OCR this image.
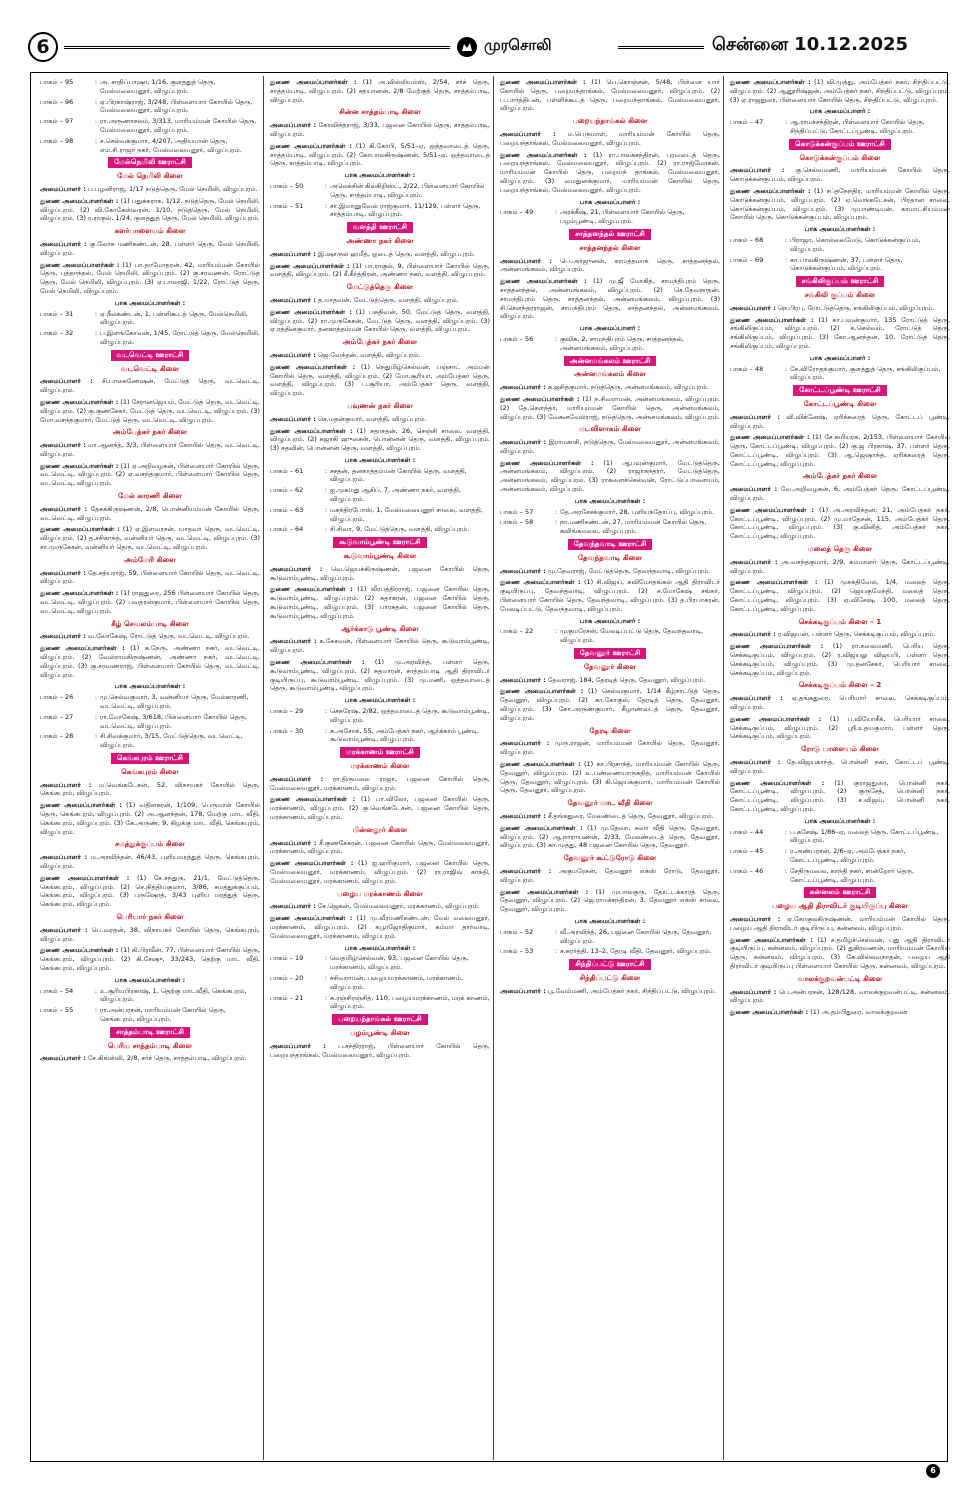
6	முரசொலி	சென்னை 10.12.2025
பாகம் – 95	: அ. சாதிப்பாஷா, 1/16, குளத்துத் தெரு, மேல்மலையனூர், விழுப்புரம்.
பாகம் – 96	: ஏ.பிரகாஷ்ராஜ், 3/248, பிள்ளையார் கோயில் தெரு, மேல்மலையனூர், விழுப்புரம்.
பாகம் – 97	: ரா.அருணாசலம், 3/313, மாரியம்மன் கோயில் தெரு, மேல்மலையனூர், விழுப்புரம்.
பாகம் – 98	: ச.செல்வக்குமார், 4/207, அதியமான் தெரு, எம்.சி.ராஜா நகர், மேல்மலையனூர், விழுப்புரம்.
மேல்நெமிலி ஊராட்சி
மேல் நெமிலி கிளை
அமைப்பாளர் : ப.பழனிராஜ், 1/17 நடுத்தெரு, மேல் நெமிலி, விழுப்புரம்.
துணை அமைப்பாளர்கள் : (1) பதுக்கராசு, 1/12, நடுத்தெரு, மேல் நெமிலி, விழுப்புரம். (2) வி.கோகேஸ்வரன், 1/10, நடுத்தெரு, மேல் நெமிலி, விழுப்புரம். (3) ர.ராகுல், 1/24, குளத்துத் தெரு, மேல் நெமிலி, விழுப்புரம்.
களர்பாளையம் கிளை
அமைப்பாளர் : கு.லோக மணிகண்டன், 28, பள்ளர் தெரு, மேல் நெமிலி, விழுப்புரம்.
துணை அமைப்பாளர்கள் : (1) பா.தாமோதரன், 42, மாரியம்மன் கோயில் தெரு, புத்தாந்தல், மேல் நெமிலி, விழுப்புரம். (2) கு.சரவணன், ரோட்டுத் தெரு, மேல் நெமிலி, விழுப்புரம். (3) ஏ.பாலாஜி, 1/22, ரோட்டுத் தெரு, மேல் நெமிலி, விழுப்புரம்.
பாக அமைப்பாளர்கள் :
பாகம் – 31	: ஏ.நீலகண்டன், 1, பள்ளிகூடத் தெரு, மேல்நெமிலி, விழுப்புரம்.
பாகம் – 32	: ப.இளங்கோவன், 1/45, ரோட்டுத் தெரு, மேல்நெமிலி, விழுப்புரம்.
வடவெட்டி ஊராட்சி
வடவெட்டி கிளை
அமைப்பாளர் : சி.பாலகணேஷன், மேட்டுத் தெரு, வடவெட்டி, விழுப்புரம்.
துணை அமைப்பாளர்கள் : (1) சேரானஜெயம், மேட்டுத் தெரு, வடவெட்டி, விழுப்புரம். (2) கு.குணசேகர், மேட்டுத் தெரு, வடவெட்டி, விழுப்புரம். (3) மோ.வசந்தகுமார், மேட்டுத் தெரு, வடவெட்டி, விழுப்புரம்.
அம்பேத்கர் நகர் கிளை
அமைப்பாளர் : மா.ஆனந்த், 3/3, பிள்ளையார் கோயில் தெரு, வடவெட்டி, விழுப்புரம்.
துணை அமைப்பாளர்கள் : (1) ஏ.அறிவழகன், பிள்ளையார் கோயில் தெரு, வடவெட்டி, விழுப்புரம். (2) ஏ.வசந்தகுமார், பிள்ளையார் கோயில் தெரு, வடவெட்டி, விழுப்புரம்.
மேல் காரணி கிளை
அமைப்பாளர் : தேசக்கிருஷ்ணன், 2/8, பொன்னியம்மன் கோயில் தெரு, வடவெட்டி, விழுப்புரம்.
துணை அமைப்பாளர்கள் : (1) ஏ.இளவரசன், யாதவர் தெரு, வடவெட்டி, விழுப்புரம். (2) த.சசிகாந்த், வன்னியர் தெரு, வடவெட்டி, விழுப்புரம். (3) சா.முருகேசன், வன்னியர் தெரு, வடவெட்டி, விழுப்புரம்.
அம்மேரி கிளை
அமைப்பாளர் : தே.சத்யராஜ், 59, பிள்ளையார் கோயில் தெரு, வடவெட்டி, விழுப்புரம்.
துணை அமைப்பாளர்கள் : (1) ராஜதுரை, 256 பிள்ளையார் கோயில் தெரு, வடவெட்டி, விழுப்புரம். (2) பவதரன்குமார், பிள்ளையார் கோயில் தெரு, வடவெட்டி, விழுப்புரம்.
கீழ் செவலம்பாடி கிளை
அமைப்பாளர் : வ.லோகேஷ், ரோட்டுத் தெரு, வடவெட்டி, விழுப்புரம்.
துணை அமைப்பாளர்கள் : (1) க.நேரு, அண்ணா நகர், வடவெட்டி, விழுப்புரம். (2) வேல்ராமகிருஷ்ணன், அண்ணா நகர், வடவெட்டி, விழுப்புரம். (3) கு.சரவணராஜ், பிள்ளையார் கோயில் தெரு, வடவெட்டி, விழுப்புரம்.
பாக அமைப்பாளர்கள் :
பாகம் – 26	: மு.செல்வகுமார், 3, வன்னியர் தெரு, மேல்காரணி, வடவெட்டி, விழுப்புரம்.
பாகம் – 27	: ரா.மோகேஷ், 3/618, பிள்ளையார் கோயில் தெரு, வடவெட்டி, விழுப்புரம்.
பாகம் – 28	: சி.சிவக்குமார், 3/15, மேட்டுத்தெரு, வடவெட்டி, விழுப்புரம்.
கெங்கபுரம் ஊராட்சி
கெங்கபுரம் கிளை
அமைப்பாளர் : ம.வெங்கடேசன், 52, விநாயகர் கோயில் தெரு, கெங்கபுரம், விழுப்புரம்.
துணை அமைப்பாளர்கள் : (1) வதிளகரன், 1/109, பெருமாள் கோயில் தெரு, கெங்கபுரம், விழுப்புரம். (2) அ.ஆனந்தன், 178, மேற்கு மாட வீதி, கெங்கபுரம், விழுப்புரம். (3) கே.அருண், 9, கிழக்கு மாட வீதி, கெங்கபுரம், விழுப்புரம்.
சமத்துக்குப்பம் கிளை
அமைப்பாளர் : ம.அரவிந்தன், 46/43, புளியமரத்துத் தெரு, கெங்கபுரம், விழுப்புரம்.
துணை அமைப்பாளர்கள் : (1) சே.சந்துரு, 21/1, மேட்டுத்தெரு, கெங்கபுரம், விழுப்புரம். (2) செ.நித்தியகுமார், 3/86, சமத்துக்குப்பம், கெங்கபுரம், விழுப்புரம். (3) புருஷோத், 3/43 புளிய மரத்துத் தெரு, கெங்கபுரம், விழுப்புரம்.
பெரியார் நகர் கிளை
அமைப்பாளர் : பெ.வரதன், 38, விநாயகர் கோயில் தெரு, கெங்கபுரம், விழுப்புரம்.
துணை அமைப்பாளர்கள் : (1) கி.பிரவீன், 77, பிள்ளையார் கோயில் தெரு, கெங்கபுரம், விழுப்புரம். (2) கி.சேஷு, 33/243, தெற்கு மாட வீதி, கெங்கபுரம், விழுப்புரம்.
பாக அமைப்பாளர்கள் :
பாகம் – 54	: உ.சூரியபிரகாஷ், 1, தெற்கு மாடவீதி, கெங்கபுரம், விழுப்புரம்.
பாகம் – 55	: ரா.அன்பரசன், மாரியம்மன் கோயில் தெரு, கெங்கபுரம், விழுப்புரம்.
சாத்தம்பாடி ஊராட்சி
பெரிய சாத்தம்பாடி கிளை
அமைப்பாளர் : சே.கிங்ஸ்லி, 2/8, சர்ச் தெரு, சாத்தம்பாடி, விழுப்புரம்.
துணை அமைப்பாளர்கள் : (1) அ.வில்லியம்ஸ், 2/54, சர்ச் தெரு, சாத்தம்பாடி, விழுப்புரம். (2) சதயானன், 2/8 மேற்குத் தெரு, சாத்தம்பாடி, விழுப்புரம்.
சின்ன சாத்தம்பாடி கிளை
அமைப்பாளர் : கோவிந்தராஜ், 3/33, பஜனை கோயில் தெரு, சாத்தம்பாடி, விழுப்புரம்.
துணை அமைப்பாளர்கள் : (1) கி.கோபி, 5/51–ஏ, ஒத்தவாடைத் தெரு, சாத்தம்பாடி, விழுப்புரம். (2) கோபாலகிருஷ்ணன், 5/51–ஏ, ஒத்தவாடைத் தெரு, சாத்தம்பாடி, விழுப்புரம்.
பாக அமைப்பாளர்கள் :
பாகம் – 50	: அலெக்சின் கில்கிறிஸ்ட், 2/22, பிள்ளையார் கோயில் தெரு, சாத்தம்பாடி, விழுப்புரம்.
பாகம் – 51	: சா.இமானுவேல் ராஜ்குமார், 11/129, பள்ளர் தெரு, சாத்தம்பாடி, விழுப்புரம்.
வளத்தி ஊராட்சி
அண்ணா நகர் கிளை
அமைப்பாளர் : இ.ஷாருல் ஹமீத், ஓடைத் தெரு, வளத்தி, விழுப்புரம்.
துணை அமைப்பாளர்கள் : (1) பா.ராகுல், 9, பிள்ளையார் கோயில் தெரு, வளத்தி, விழுப்புரம். (2) சீ.கீர்த்திரன், அண்ணா நகர், வளத்தி, விழுப்புரம்.
மேட்டுத்தெரு கிளை
அமைப்பாளர் : த.மாதவன், மேட்டுத்தெரு, வளத்தி, விழுப்புரம்.
துணை அமைப்பாளர்கள் : (1) பசுதிவன், 50, மேட்டுத் தெரு, வளத்தி, விழுப்புரம். (2) ரா.முருகேசன், மேட்டுத் தெரு, வளத்தி, விழுப்புரம். (3) ஏ.ரத்தினகுமார், தனகாத்தம்மன் கோயில் தெரு, வளத்தி, விழுப்புரம்.
அம்பேத்கர் நகர் கிளை
அமைப்பாளர் : ஜெ.வேந்தன், வளத்தி, விழுப்புரம்.
துணை அமைப்பாளர்கள் : (1) நெதுமிழ்செல்வன், பஞ்சாட் அம்மன் கோயில் தெரு, வளத்தி, விழுப்புரம். (2) மோ.சூரியா, அம்பேத்கர் தெரு, வளத்தி, விழுப்புரம். (3) ப.சூரியா, அம்பேத்கர் தெரு, வளத்தி, விழுப்புரம்.
பவுணன் நகர் கிளை
அமைப்பாளர் : செ.மதன்குமார், வளத்தி, விழுப்புரம்.
துணை அமைப்பாளர்கள் : (1) சதாசதன், 26, செஞ்சி சாலை, வளத்தி, விழுப்புரம். (2) சுஜாகி ஹுசைன், பொன்னன் தெரு, வளத்தி, விழுப்புரம். (3) சதவின், பொன்னன் தெரு, வளத்தி, விழுப்புரம்.
பாக அமைப்பாளர்கள் :
பாகம் – 61	: சசதன், தனகாத்தம்மன் கோயில் தெரு, வளத்தி, விழுப்புரம்.
பாகம் – 62	: ஐ.முகமது ஆசிப், 7, அண்ணா நகர், வளத்தி, விழுப்புரம்.
பாகம் – 63	: மகந்திரபோஸ், 1, மேல்மலையனூர் சாலை, வளத்தி, விழுப்புரம்.
பாகம் – 64	: சி.சிவா, 9, மேட்டுத்தெரு, வளத்தி, விழுப்புரம்.
கூடுவாம்பூண்டி ஊராட்சி
கூடுவாம்பூண்டி கிளை
அமைப்பாளர் : வெ.ஜெயக்கிருஷ்ணன், பஜனை கோயில் தெரு, கூடுவாம்பூண்டி, விழுப்புரம்.
துணை அமைப்பாளர்கள் : (1) வீரபத்திரராஜ், பஜனை கோயில் தெரு, கூடுவாம்பூண்டி, விழுப்புரம். (2) சுதாகரன், பஜனை கோயில் தெரு, கூடுவாம்பூண்டி, விழுப்புரம். (3) பாரசுதன், பஜனை கோயில் தெரு, கூடுவாம்பூண்டி, விழுப்புரம்.
ஆர்க்காடு பூண்டி கிளை
அமைப்பாளர் : க.கேசவன், பிள்ளையார் கோயில் தெரு, கூடுவாம்பூண்டி, விழுப்புரம்.
துணை அமைப்பாளர்கள் : (1) மு.அரவிந்த், பள்ளர் தெரு, கூடுவாம்பூண்டி, விழுப்புரம். (2) சுதமாரன், சாத்தம்பாடி ஆதி திராவிடர் குடியிருப்பு, கூடுவாம்பூண்டி, விழுப்புரம். (3) மு.மணி, ஒத்தவாடைத் தெரு, கூடுவாம்பூண்டி, விழுப்புரம்.
பாக அமைப்பாளர்கள் :
பாகம் – 29	: செசுரேஷ், 2/82, ஒத்தவாடைத் தெரு, கூடுவாம்பூண்டி, விழுப்புரம்.
பாகம் – 30	: சு.அசோக், 55, அம்பேத்கர் நகர், ஆர்க்காம் பூண்டி, கூடுவாம்பூண்டி, விழுப்புரம்.
மரக்காணம் ஊராட்சி
மரக்காணம் கிளை
அமைப்பாளர் : ரா.திருமலை ராஜா, பஜனை கோயில் தெரு, மேல்மலையனூர், மரக்காணம், விழுப்புரம்.
துணை அமைப்பாளர்கள் : (1) பா.விலோ, பஜனை கோயில் தெரு, மரக்காணம், விழுப்புரம். (2) கு.வெங்கடேசன், பஜனை கோயில் தெரு, மரக்காணம், விழுப்புரம்.
பின்னலூர் கிளை
அமைப்பாளர் : சீ.குணசேகரன், பஜனை கோயில் தெரு, மேல்மலையனூர், மரக்காணம், விழுப்புரம்.
துணை அமைப்பாளர்கள் : (1) ஐ.ஹரிகுமார், பஜனை கோயில் தெரு, மேல்மலையனூர், மரக்காணம், விழுப்புரம். (2) ரா.ராஜிவ் காந்தி, மேல்மலையனூர், மரக்காணம், விழுப்புரம்.
பழைய மரக்காணம் கிளை
அமைப்பாளர் : சே.ஜெகன், மேல்மலையனூர், மரக்காணம், விழுப்புரம்.
துணை அமைப்பாளர்கள் : (1) மு.வீரமணிகண்டன், மேல் மலையனூர், மரக்காணம், விழுப்புரம். (2) கபூரஜோதிகுமார், கம்மா தார்வாடி, மேல்மலையனூர், மரக்காணம், விழுப்புரம்.
பாக அமைப்பாளர்கள் :
பாகம் – 19	: வெதமிழ்செல்வன், 93, பஜனை கோயில் தெரு, மரக்காணம், விழுப்புரம்.
பாகம் – 20	: சசிவராமன், பழையமரக்காணம், மரக்காணம், விழுப்புரம்.
பாகம் – 21	: சு.ரஞ்சிரஞ்சித், 110, பழையமரக்காணம், மரக் காணம், விழுப்புரம்.
பறையந்தாங்கல் ஊராட்சி
பழம்பூண்டி கிளை
அமைப்பாளர் : ப.சந்திரராஜ், பிள்ளையார் கோயில் தெரு, பறையந்தாங்கல், மேல்மலையனூர், விழுப்புரம்.
துணை அமைப்பாளர்கள் : (1) பெ.கொஞ்சன், 5/48, பிள்ளை யார் கோயில் தெரு, பறையந்தாங்கல், மேல்மலையனூர், விழுப்புரம். (2) ப.பார்த்திபன், பள்ளிக்கூடத் தெரு, பறையந்தாங்கல், மேல்மலையனூர், விழுப்புரம்.
பறையந்தாங்கல் கிளை
அமைப்பாளர் : ம.பெருமாள், மாரியம்மன் கோயில் தெரு, பறையந்தாங்கல், மேல்மலையனூர், விழுப்புரம்.
துணை அமைப்பாளர்கள் : (1) ரா.பாலசுசந்திரன், புரவடைத் தெரு, பறையந்தாங்கல், மேல்மலையனூர், விழுப்புரம். (2) ரா.ராஜ்மோகன், மாரியம்மன் கோயில் தெரு, பறையந் தாங்கல், மேல்மலையனூர், விழுப்புரம். (3) மைதுனக்குமார், மாரியம்மன் கோயில் தெரு, பறையந்தாங்கல், மேல்மலையனூர், விழுப்புரம்.
பாக அமைப்பாளர் :
பாகம் – 49	: அரக்கீஷ், 21, பிள்ளையார் கோயில் தெரு, பழம்பூண்டி, விழுப்புரம்.
சாத்தனந்தல் ஊராட்சி
சாத்தனந்தல் கிளை
அமைப்பாளர் : பெ.அர்ஜுனன், காமத்தமாக தெரு, சாத்தனந்தல், அன்னமங்கலம், விழுப்புரம்.
துணை அமைப்பாளர்கள் : (1) மு.ஜீ மோகித், சாமந்திபுரம் தெரு, சாத்தனந்தல், அன்னமங்கலம், விழுப்புரம். (2) செ.தேவநாதன், சாமந்திபுரம் தெரு, சாத்தனந்தல், அன்னமங்கலம், விழுப்புரம். (3) சி.செளந்தரராஜன், சாமந்திபுரம் தெரு, சாத்தனந்தல், அன்னமங்கலம், விழுப்புரம்.
பாக அமைப்பாளர் :
பாகம் – 56	: குவிக, 2, சாமந்திபுரம் தெரு, சாத்தனந்தல், அன்னமங்கலம், விழுப்புரம்.
அன்னமங்கலம் ஊராட்சி
அன்னமங்கலம் கிளை
அமைப்பாளர் : சு.ஜசித்குமார், நடுத்தெரு, அன்னமங்கலம், விழுப்புரம்.
துணை அமைப்பாளர்கள் : (1) ந.சிவராமன், அன்னமங்கலம், விழுப்புரம். (2) தே.சௌந்தர், மாரியம்மன் கோயில் தெரு, அன்னமங்கலம், விழுப்புரம். (3) வேகனவேல்ராஜ், நடுத்தெரு, அன்னமங்கலம், விழுப்புரம்.
மடவிளாகம் கிளை
அமைப்பாளர் : இராமகாசி, நடுத்தெரு, மேல்மலையனூர், அன்னமங்கலம், விழுப்புரம்.
துணை அமைப்பாளர்கள் : (1) ஆபவுன்குமார், மேட்டுத்தெரு, அன்னமங்கலம், விழுப்புரம். (2) ராஜாசுந்தரர், மேட்டுத்தெரு, அன்னமங்கலம், விழுப்புரம். (3) ராகளைச்செல்வன், ரோட்டுப்பாளையம், அன்னமங்கலம், விழுப்புரம்.
பாக அமைப்பாளர்கள் :
பாகம் – 57	: தே.அரசேசக்குமார், 28, புளியந்தோப்பு, விழுப்புரம்.
பாகம் – 58	: நா.மணிகண்டன், 27, மாரியம்மன் கோயில் தெரு, கவிங்கமலை, விழுப்புரம்.
தேவந்தவாடி ஊராட்சி
தேவந்தவாடி கிளை
அமைப்பாளர் : மு.தேவராஜ், மேட்டுத்தெரு, தேவந்தவாடி, விழுப்புரம்.
துணை அமைப்பாளர்கள் : (1) சி.விஜய், சுவிமோதங்கல் ஆதி திராவிடர் குடியிருப்பு, தேவந்தவாடி, விழுப்புரம். (2) ச.மோகேஷ் சங்கர், பிள்ளையார் கோயில் தெரு, தேவந்தவாடி, விழுப்புரம். (3) த.பிரபாகரன், மேலடிப்பட்டு, தேவந்தவாடி, விழுப்புரம்.
பாக அமைப்பாளர் :
பாகம் – 22	: முகுமரேசன், மேலடிப்பட்டு தெரு, தேவந்தவாடி, விழுப்புரம்.
தேவனூர் ஊராட்சி
தேவனூர் கிளை
அமைப்பாளர் : தேவராஜ், 184, தேரடித் தெரு, தேவனூர், விழுப்புரம்.
துணை அமைப்பாளர்கள் : (1) செல்வகுமார், 1/14 கீழ்நாட்டுத் தெரு, தேவனூர், விழுப்புரம். (2) கா.கோகுல், தேரடித் தெரு, தேவனூர், விழுப்புரம். (3) கோ.அருண்குமார், கீழாண்டைத் தெரு, தேவனூர், விழுப்புரம்.
தேரடி கிளை
அமைப்பாளர் : முரு.ராஜன், மாரியம்மன் கோயில் தெரு, தேவனூர், விழுப்புரம்.
துணை அமைப்பாளர்கள் : (1) கா.பிரசாந்த், மாரியம்மன் கோயில் தெரு, தேவனூர், விழுப்புரம். (2) உ.பண்ணையாருசுதித், மாரியம்மன் கோயில் தெரு, தேவனூர், விழுப்புரம். (3) கி.ஜெயக்குமார், மாரியம்மன் கோயில் தெரு, தேவனூர், விழுப்புரம்.
தேவனூர் மாட வீதி கிளை
அமைப்பாளர் : சீ.தங்கதுரை, மேலண்டைத் தெரு, தேவனூர், விழுப்புரம்.
துணை அமைப்பாளர்கள் : (1) மு.தேவா, சுவர் வீதி தெரு, தேவனூர், விழுப்புரம். (2) ஆ.நாராயணன், 2/33, மேலண்டைத் தெரு, தேவனூர், விழுப்புரம். (3) கா.முத்து, 48 பஜனை கோயில் தெரு, தேவனூர்.
தேவனூர் கூட்டுரோடு கிளை
அமைப்பாளர் : அகுமரேசன், தேவனூர் எக்ஸ் ரோடு, தேவனூர், விழுப்புரம்.
துணை அமைப்பாளர்கள் : (1) முபாலகுரு, தோட்டக்காரத் தெரு, தேவனூர், விழுப்புரம். (2) ஜெ.ராமச்சந்திரன், 3, தேவனூர் எக்ஸ் சாலை, தேவனூர், விழுப்புரம்.
பாக அமைப்பாளர்கள் :
பாகம் – 52	: வீ.அரவிந்த், 26, பஜனை கோயில் தெரு, தேவனூர், விழுப்புரம்.
பாகம் – 53	: ச.சுரர்த்தி, 13–2, தேரடி வீதி, தேவனூர், விழுப்புரம்.
சிந்திப்பட்டு ஊராட்சி
சிந்திப்பட்டு கிளை
அமைப்பாளர் : பூ.வேம்மணி, அம்பேத்கர் நகர், சிந்திப்பட்டு, விழுப்புரம்.
துணை அமைப்பாளர்கள் : (1) வி.முத்து, அம்பேத்கர் நகர், சிந்திப்பட்டு, விழுப்புரம். (2) ஆனூரிஷ்ஜன், அம்பேத்கர் நகர், சிந்திப்பட்டு, விழுப்புரம். (3) ஏ.ராஜதுரை, பிள்ளையார் கோயில் தெரு, சிந்திப்பட்டு, விழுப்புரம்.
பாக அமைப்பாளர் :
பாகம் – 47	: ஆ.ராமச்சந்திரன், பிள்ளையார் கோயில் தெரு, சிந்திப்பட்டு, கோட்டப்பூண்டி, விழுப்புரம்.
கொடுக்கன்குப்பம் ஊராட்சி
கொடுக்கன்குப்பம் கிளை
அமைப்பாளர் : கு.செல்வமணி, மாரியம்மன் கோயில் தெரு, கொடுக்கன்குப்பம், விழுப்புரம்.
துணை அமைப்பாளர்கள் : (1) சப்தநேந்திர, மாரியம்மன் கோயில் தெரு, கொடுக்கன்குப்பம், விழுப்புரம். (2) ஏ.வெங்கடேசன், பிரதான சாலை, கொடுக்கன்குப்பம், விழுப்புரம். (3) முபாண்டியன், காமாட்சியம்மன் கோயில் தெரு, கொடுக்கன்குப்பம், விழுப்புரம்.
பாக அமைப்பாளர்கள் :
பாகம் – 68	: பிராஜா, கொல்லைமேடு, கொடுக்கன்குப்பம், விழுப்புரம்.
பாகம் – 69	: கா.பாலகிருஷ்ணன், 37, பள்ளர் தெரு, கொடுக்கன்குப்பம், விழுப்புரம்.
சங்கிலிகுப்பம் ஊராட்சி
சங்கிலி குப்பம் கிளை
அமைப்பாளர் : நெ.பிரபு, ரோட்டுத்தெரு, சங்கிலிகுப்பம், விழுப்புரம்.
துணை அமைப்பாளர்கள் : (1) கா.பவுன்குமார், 135 ரோட்டுத் தெரு, சங்கிலிகுப்பம், விழுப்புரம். (2) க.செல்வம், ரோட்டுத் தெரு, சங்கிலிகுப்பம், விழுப்புரம். (3) கோ.ஆனந்தன், 10, ரோட்டுத் தெரு, சங்கிலிகுப்பம், விழுப்புரம்.
பாக அமைப்பாளர் :
பாகம் – 48	: சே.விரோதந்குமார், குளத்துத் தெரு, சங்கிலிகுப்பம், விழுப்புரம்.
கோட்டப்பூண்டி ஊராட்சி
கோட்டப்பூண்டி கிளை
அமைப்பாளர் : வி.விக்னேஷ், ஏரிக்கரைத் தெரு, கோட்டப் பூண்டி, விழுப்புரம்.
துணை அமைப்பாளர்கள் : (1) சே.சுமியரசு, 2/153, பிள்ளையார் கோயில் தெரு, கோட்டப்பூண்டி, விழுப்புரம். (2) கு.ஜ பிரகாஷ், 37, பள்ளர் தெரு, கோட்டப்பூண்டி, விழுப்புரம். (3) ஆ.ஜெஷாந்த், ஏரிக்கரைத் தெரு, கோட்டப்பூண்டி, விழுப்புரம்.
அம்பேத்கர் நகர் கிளை
அமைப்பாளர் : வே.அறிவழகன், 6, அம்பேத்கர் தெரு, கோட்டப்பூண்டி, விழுப்புரம்.
துணை அமைப்பாளர்கள் : (1) அ.அரவிந்தன், 21, அம்பேத்கர் நகர், கோட்டப்பூண்டி, விழுப்புரம். (2) மு.மாதேசன், 115, அம்பேத்கர் தெரு, கோட்டப்பூண்டி, விழுப்புரம். (3) கு.வினித், அம்பேத்கர் நகர், கோட்டப்பூண்டி, விழுப்புரம்.
மலைத் தெரு கிளை
அமைப்பாளர் : அ.வசந்தகுமார், 2/9, கம்மாளர் தெரு, கோட்டப்பூண்டி, விழுப்புரம்.
துணை அமைப்பாளர்கள் : (1) முசக்திவேல், 1/4, மலைத் தெரு, கோட்டப்பூண்டி, விழுப்புரம். (2) ஜெயகுமேந்தி, மலைத் தெரு, கோட்டப்பூண்டி, விழுப்புரம். (3) ஏ.விசேஷ், 100, மலைத் தெரு, கோட்டப்பூண்டி, விழுப்புரம்.
செக்கடிகுப்பம் கிளை – 1
அமைப்பாளர் : ர.விஜயன், பள்ளர் தெரு, செக்கடிகுப்பம், விழுப்புரம்.
துணை அமைப்பாளர்கள் : (1) ரா.கலைமணி, பெரிய தெரு, செக்கடிகுப்பம், விழுப்புரம். (2) ர.விஜயலு விஜயபி, பள்ளர் தெரு, செக்கடிகுப்பம், விழுப்புரம். (3) மு.தனசேகர், பெரியார் சாலை, செக்கடிகுப்பம், விழுப்புரம்.
செக்கடிகுப்பம் கிளை – 2
அமைப்பாளர் : ஏ.தங்கதுரை, பெரியார் சாலை, செக்கடிகுப்பம், விழுப்புரம்.
துணை அமைப்பாளர்கள் : (1) ப.வியோசீக், பெரியார் சாலை, செக்கடிகுப்பம், விழுப்புரம். (2) ஸ்ரீ.உதயகுமார், பள்ளர் தெரு, செக்கடிகுப்பம், விழுப்புரம்.
ரோடு பாளையம் கிளை
அமைப்பாளர் : தே.விஜயகாந்த், பொன்னி நகர், கோட்டப் பூண்டி, விழுப்புரம்.
துணை அமைப்பாளர்கள் : (1) குராஜதுரை, பொன்னி நகர், கோட்டப்பூண்டி, விழுப்புரம். (2) குருசேத், பொன்னி நகர், கோட்டப்பூண்டி, விழுப்புரம். (3) ச.விஜய், பொன்னி நகர், கோட்டப்பூண்டி, விழுப்புரம்.
பாக அமைப்பாளர்கள் :
பாகம் – 44	: ப.சுசேஷ், 1/86–ஏ, மலைத் தெரு, கோட்டப்பூண்டி, விழுப்புரம்.
பாகம் – 45	: ர.அண்பரசன், 2/6–ஏ, அம்பேத்கர் நகர், கோட்டப்பூண்டி, விழுப்புரம்.
பாகம் – 46	: சேதிருமலை, காந்தி நகர், சான்றோர் தெரு, கோட்டப்பூண்டி, விழுப்புரம்.
கன்னலம் ஊராட்சி
பழைய ஆதி திராவிடர் குடியிருப்பு கிளை
அமைப்பாளர் : ஏ.கோகுலகிருஷ்ணன், மாரியம்மன் கோயில் தெரு, பழைய ஆதி திராவிடர் குடியிருப்பு, கன்னலம், விழுப்புரம்.
துணை அமைப்பாளர்கள் : (1) ச.தமிழ்ச்செல்வன், புது ஆதி திராவிடர் குடியிருப்பு, கன்னலம், விழுப்புரம். (2) துகிரவணன், மாரியம்மன் கோயில் தெரு, கன்னலம், விழுப்புரம். (3) கே.வில்லவநாதன், பழைய ஆதி திராவிடர் குடியிருப்பு பிள்ளையார் கோயில் தெரு, கன்னலம், விழுப்புரம்.
வாலக்குறவன்பட்டி கிளை
அமைப்பாளர் : பெ.அன்பரசன், 128/128, வாலக்குறவன்பட்டி, கன்னலம், விழுப்புரம்.
துணை அமைப்பாளர்கள் : (1) அ.தம்பிதுரை, வாலக்குறவன்
6
